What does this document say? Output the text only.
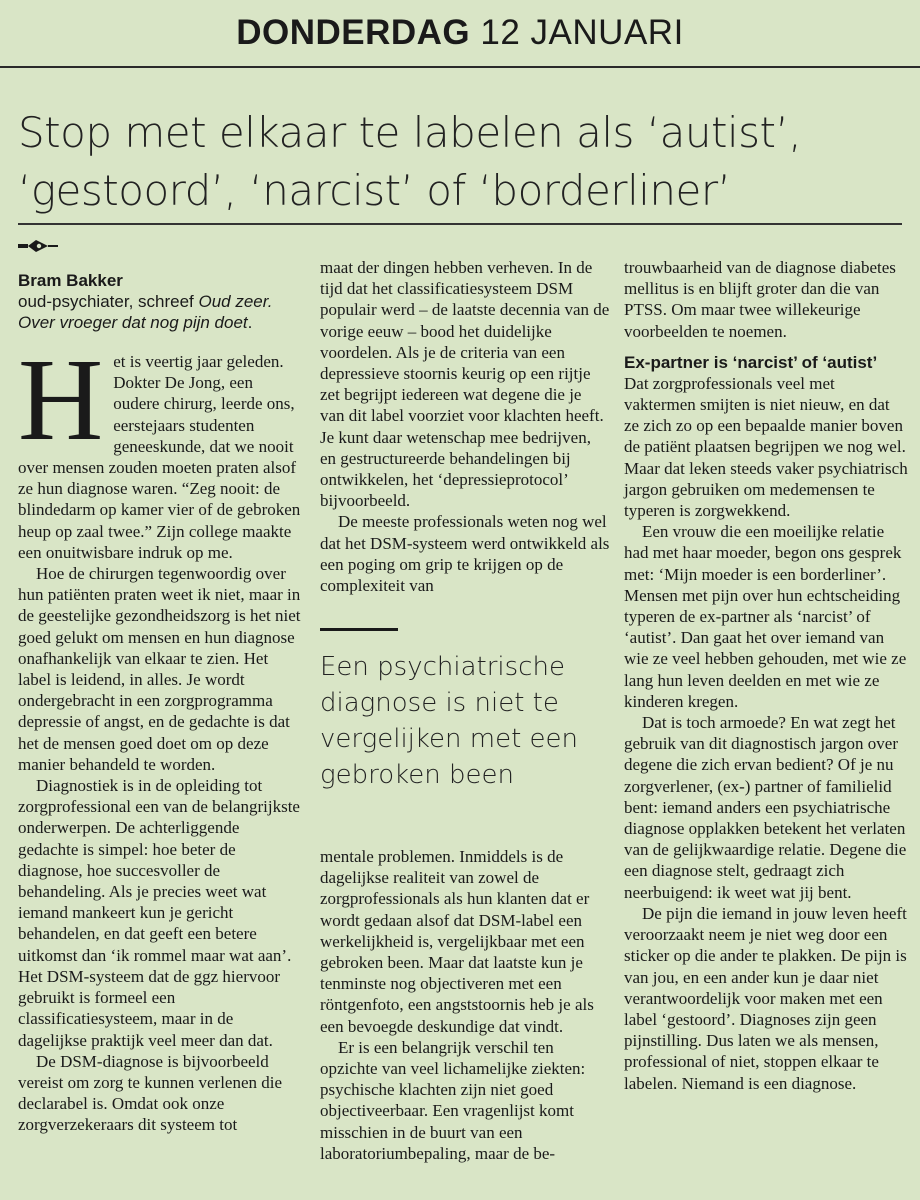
DONDERDAG 12 JANUARI
Stop met elkaar te labelen als ‘autist’, ‘gestoord’, ‘narcist’ of ‘borderliner’

Bram Bakker

oud-psychiater, schreef Oud zeer. Over vroeger dat nog pijn doet.

Het is veertig jaar geleden. Dokter De Jong, een oudere chirurg, leerde ons, eerstejaars studenten geneeskunde, dat we nooit over mensen zouden moeten praten alsof ze hun diagnose waren. “Zeg nooit: de blindedarm op kamer vier of de gebroken heup op zaal twee.” Zijn college maakte een onuitwisbare indruk op me.

Hoe de chirurgen tegenwoordig over hun patiënten praten weet ik niet, maar in de geestelijke gezondheidszorg is het niet goed gelukt om mensen en hun diagnose onafhankelijk van elkaar te zien. Het label is leidend, in alles. Je wordt ondergebracht in een zorgprogramma depressie of angst, en de gedachte is dat het de mensen goed doet om op deze manier behandeld te worden.

Diagnostiek is in de opleiding tot zorgprofessional een van de belangrijkste onderwerpen. De achterliggende gedachte is simpel: hoe beter de diagnose, hoe succesvoller de behandeling. Als je precies weet wat iemand mankeert kun je gericht behandelen, en dat geeft een betere uitkomst dan ‘ik rommel maar wat aan’. Het DSM-systeem dat de ggz hiervoor gebruikt is formeel een classificatiesysteem, maar in de dagelijkse praktijk veel meer dan dat.

De DSM-diagnose is bijvoorbeeld vereist om zorg te kunnen verlenen die declarabel is. Omdat ook onze zorgverzekeraars dit systeem tot

maat der dingen hebben verheven. In de tijd dat het classificatiesysteem DSM populair werd – de laatste decennia van de vorige eeuw – bood het duidelijke voordelen. Als je de criteria van een depressieve stoornis keurig op een rijtje zet begrijpt iedereen wat degene die je van dit label voorziet voor klachten heeft. Je kunt daar wetenschap mee bedrijven, en gestructureerde behandelingen bij ontwikkelen, het ‘depressieprotocol’ bijvoorbeeld.

De meeste professionals weten nog wel dat het DSM-systeem werd ontwikkeld als een poging om grip te krijgen op de complexiteit van

Een psychiatrische diagnose is niet te vergelijken met een gebroken been

mentale problemen. Inmiddels is de dagelijkse realiteit van zowel de zorgprofessionals als hun klanten dat er wordt gedaan alsof dat DSM-label een werkelijkheid is, vergelijkbaar met een gebroken been. Maar dat laatste kun je tenminste nog objectiveren met een röntgenfoto, een angststoornis heb je als een bevoegde deskundige dat vindt.

Er is een belangrijk verschil ten opzichte van veel lichamelijke ziekten: psychische klachten zijn niet goed objectiveerbaar. Een vragenlijst komt misschien in de buurt van een laboratoriumbepaling, maar de be-

trouwbaarheid van de diagnose diabetes mellitus is en blijft groter dan die van PTSS. Om maar twee willekeurige voorbeelden te noemen.

Ex-partner is ‘narcist’ of ‘autist’

Dat zorgprofessionals veel met vaktermen smijten is niet nieuw, en dat ze zich zo op een bepaalde manier boven de patiënt plaatsen begrijpen we nog wel. Maar dat leken steeds vaker psychiatrisch jargon gebruiken om medemensen te typeren is zorgwekkend.

Een vrouw die een moeilijke relatie had met haar moeder, begon ons gesprek met: ‘Mijn moeder is een borderliner’. Mensen met pijn over hun echtscheiding typeren de ex-partner als ‘narcist’ of ‘autist’. Dan gaat het over iemand van wie ze veel hebben gehouden, met wie ze lang hun leven deelden en met wie ze kinderen kregen.

Dat is toch armoede? En wat zegt het gebruik van dit diagnostisch jargon over degene die zich ervan bedient? Of je nu zorgverlener, (ex-) partner of familielid bent: iemand anders een psychiatrische diagnose opplakken betekent het verlaten van de gelijkwaardige relatie. Degene die een diagnose stelt, gedraagt zich neerbuigend: ik weet wat jij bent.

De pijn die iemand in jouw leven heeft veroorzaakt neem je niet weg door een sticker op die ander te plakken. De pijn is van jou, en een ander kun je daar niet verantwoordelijk voor maken met een label ‘gestoord’. Diagnoses zijn geen pijnstilling. Dus laten we als mensen, professional of niet, stoppen elkaar te labelen. Niemand is een diagnose.
